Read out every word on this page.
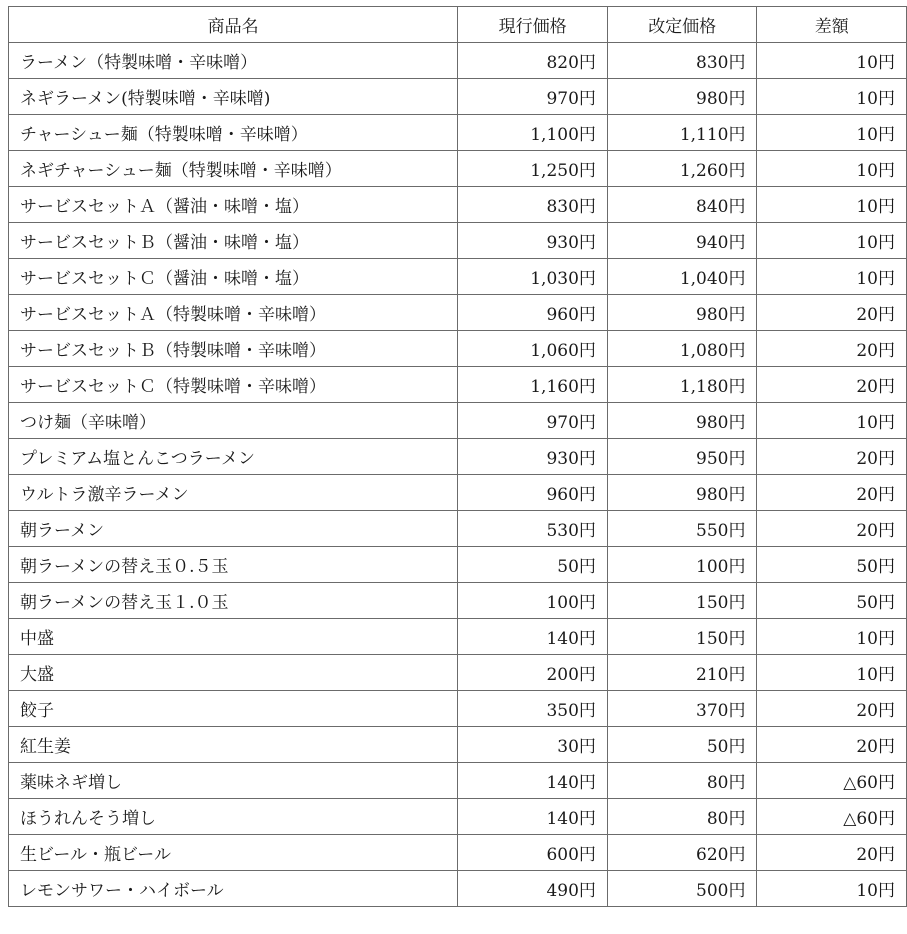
商品名	現行価格	改定価格	差額
ラーメン（特製味噌・辛味噌）	820円	830円	10円
ネギラーメン(特製味噌・辛味噌)	970円	980円	10円
チャーシュー麺（特製味噌・辛味噌）	1,100円	1,110円	10円
ネギチャーシュー麺（特製味噌・辛味噌）	1,250円	1,260円	10円
サービスセットＡ（醤油・味噌・塩）	830円	840円	10円
サービスセットＢ（醤油・味噌・塩）	930円	940円	10円
サービスセットＣ（醤油・味噌・塩）	1,030円	1,040円	10円
サービスセットＡ（特製味噌・辛味噌）	960円	980円	20円
サービスセットＢ（特製味噌・辛味噌）	1,060円	1,080円	20円
サービスセットＣ（特製味噌・辛味噌）	1,160円	1,180円	20円
つけ麺（辛味噌）	970円	980円	10円
プレミアム塩とんこつラーメン	930円	950円	20円
ウルトラ激辛ラーメン	960円	980円	20円
朝ラーメン	530円	550円	20円
朝ラーメンの替え玉０.５玉	50円	100円	50円
朝ラーメンの替え玉１.０玉	100円	150円	50円
中盛	140円	150円	10円
大盛	200円	210円	10円
餃子	350円	370円	20円
紅生姜	30円	50円	20円
薬味ネギ増し	140円	80円	△60円
ほうれんそう増し	140円	80円	△60円
生ビール・瓶ビール	600円	620円	20円
レモンサワー・ハイボール	490円	500円	10円
